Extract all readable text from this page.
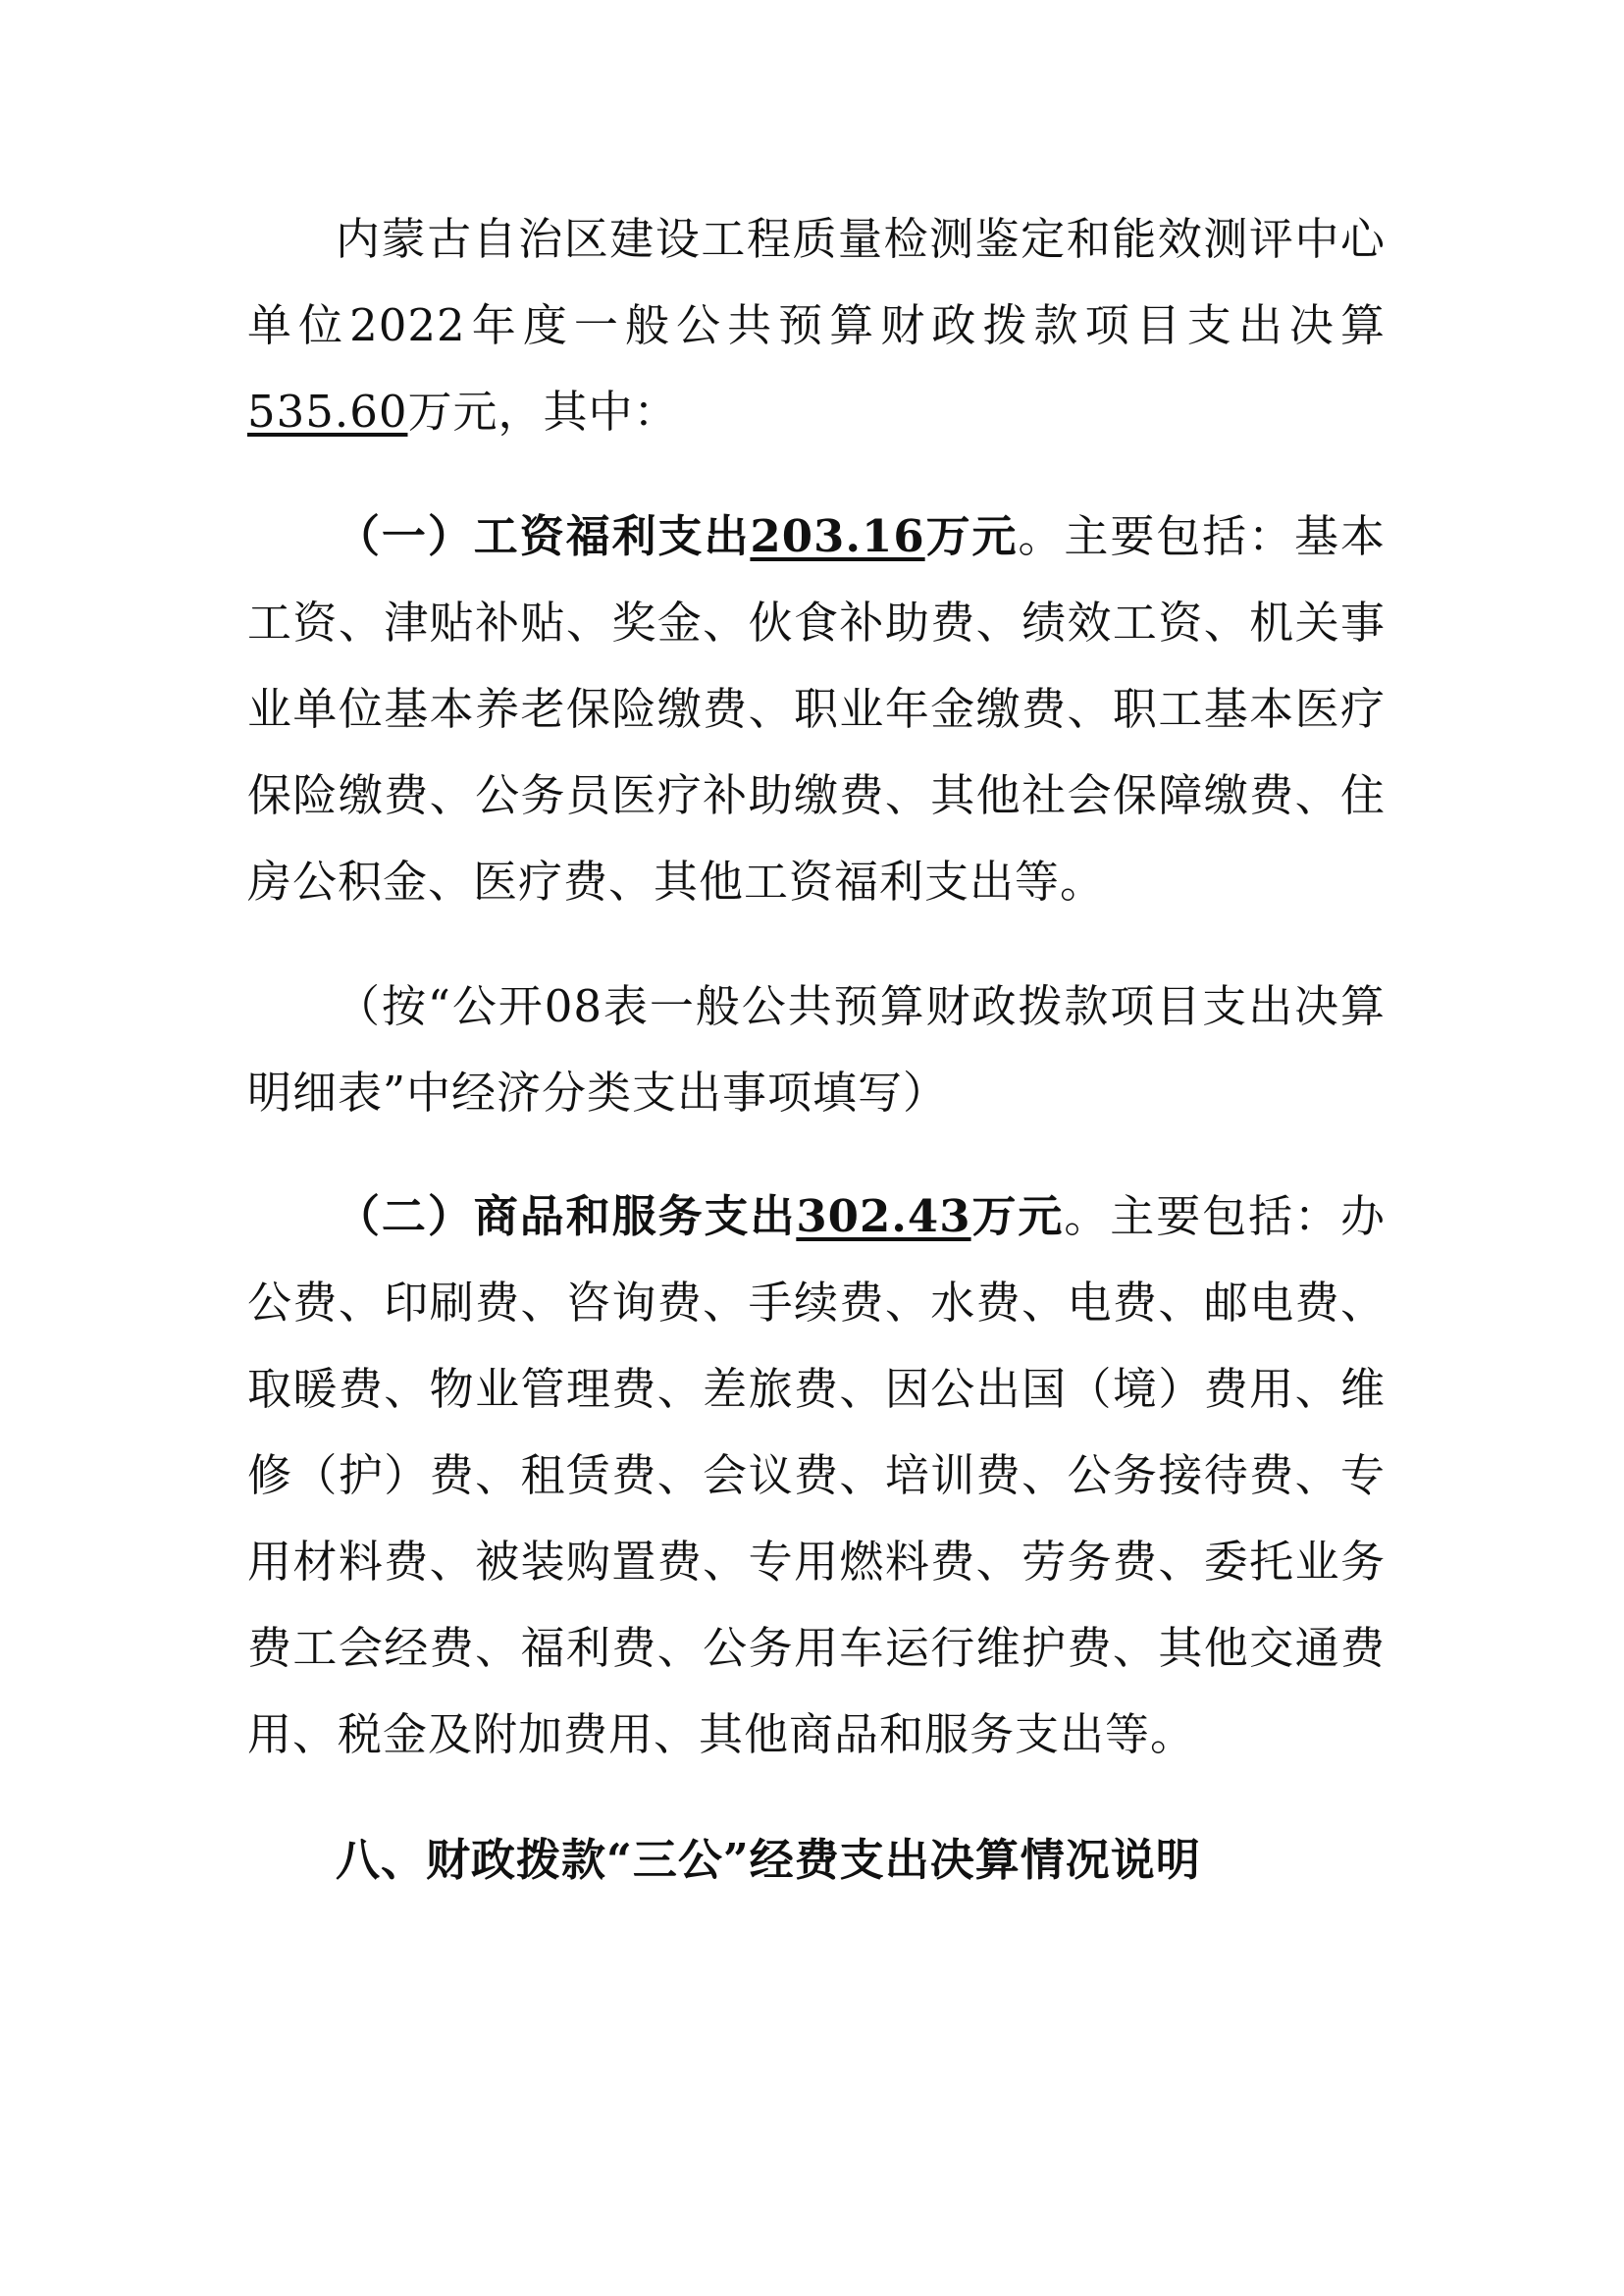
内蒙古自治区建设工程质量检测鉴定和能效测评中心单位2022年度一般公共预算财政拨款项目支出决算535.60万元，其中：

（一）工资福利支出203.16万元。主要包括：基本工资、津贴补贴、奖金、伙食补助费、绩效工资、机关事业单位基本养老保险缴费、职业年金缴费、职工基本医疗保险缴费、公务员医疗补助缴费、其他社会保障缴费、住房公积金、医疗费、其他工资福利支出等。

（按“公开08表一般公共预算财政拨款项目支出决算明细表”中经济分类支出事项填写）

（二）商品和服务支出302.43万元。主要包括：办公费、印刷费、咨询费、手续费、水费、电费、邮电费、取暖费、物业管理费、差旅费、因公出国（境）费用、维修（护）费、租赁费、会议费、培训费、公务接待费、专用材料费、被装购置费、专用燃料费、劳务费、委托业务费工会经费、福利费、公务用车运行维护费、其他交通费用、税金及附加费用、其他商品和服务支出等。

八、财政拨款“三公”经费支出决算情况说明
